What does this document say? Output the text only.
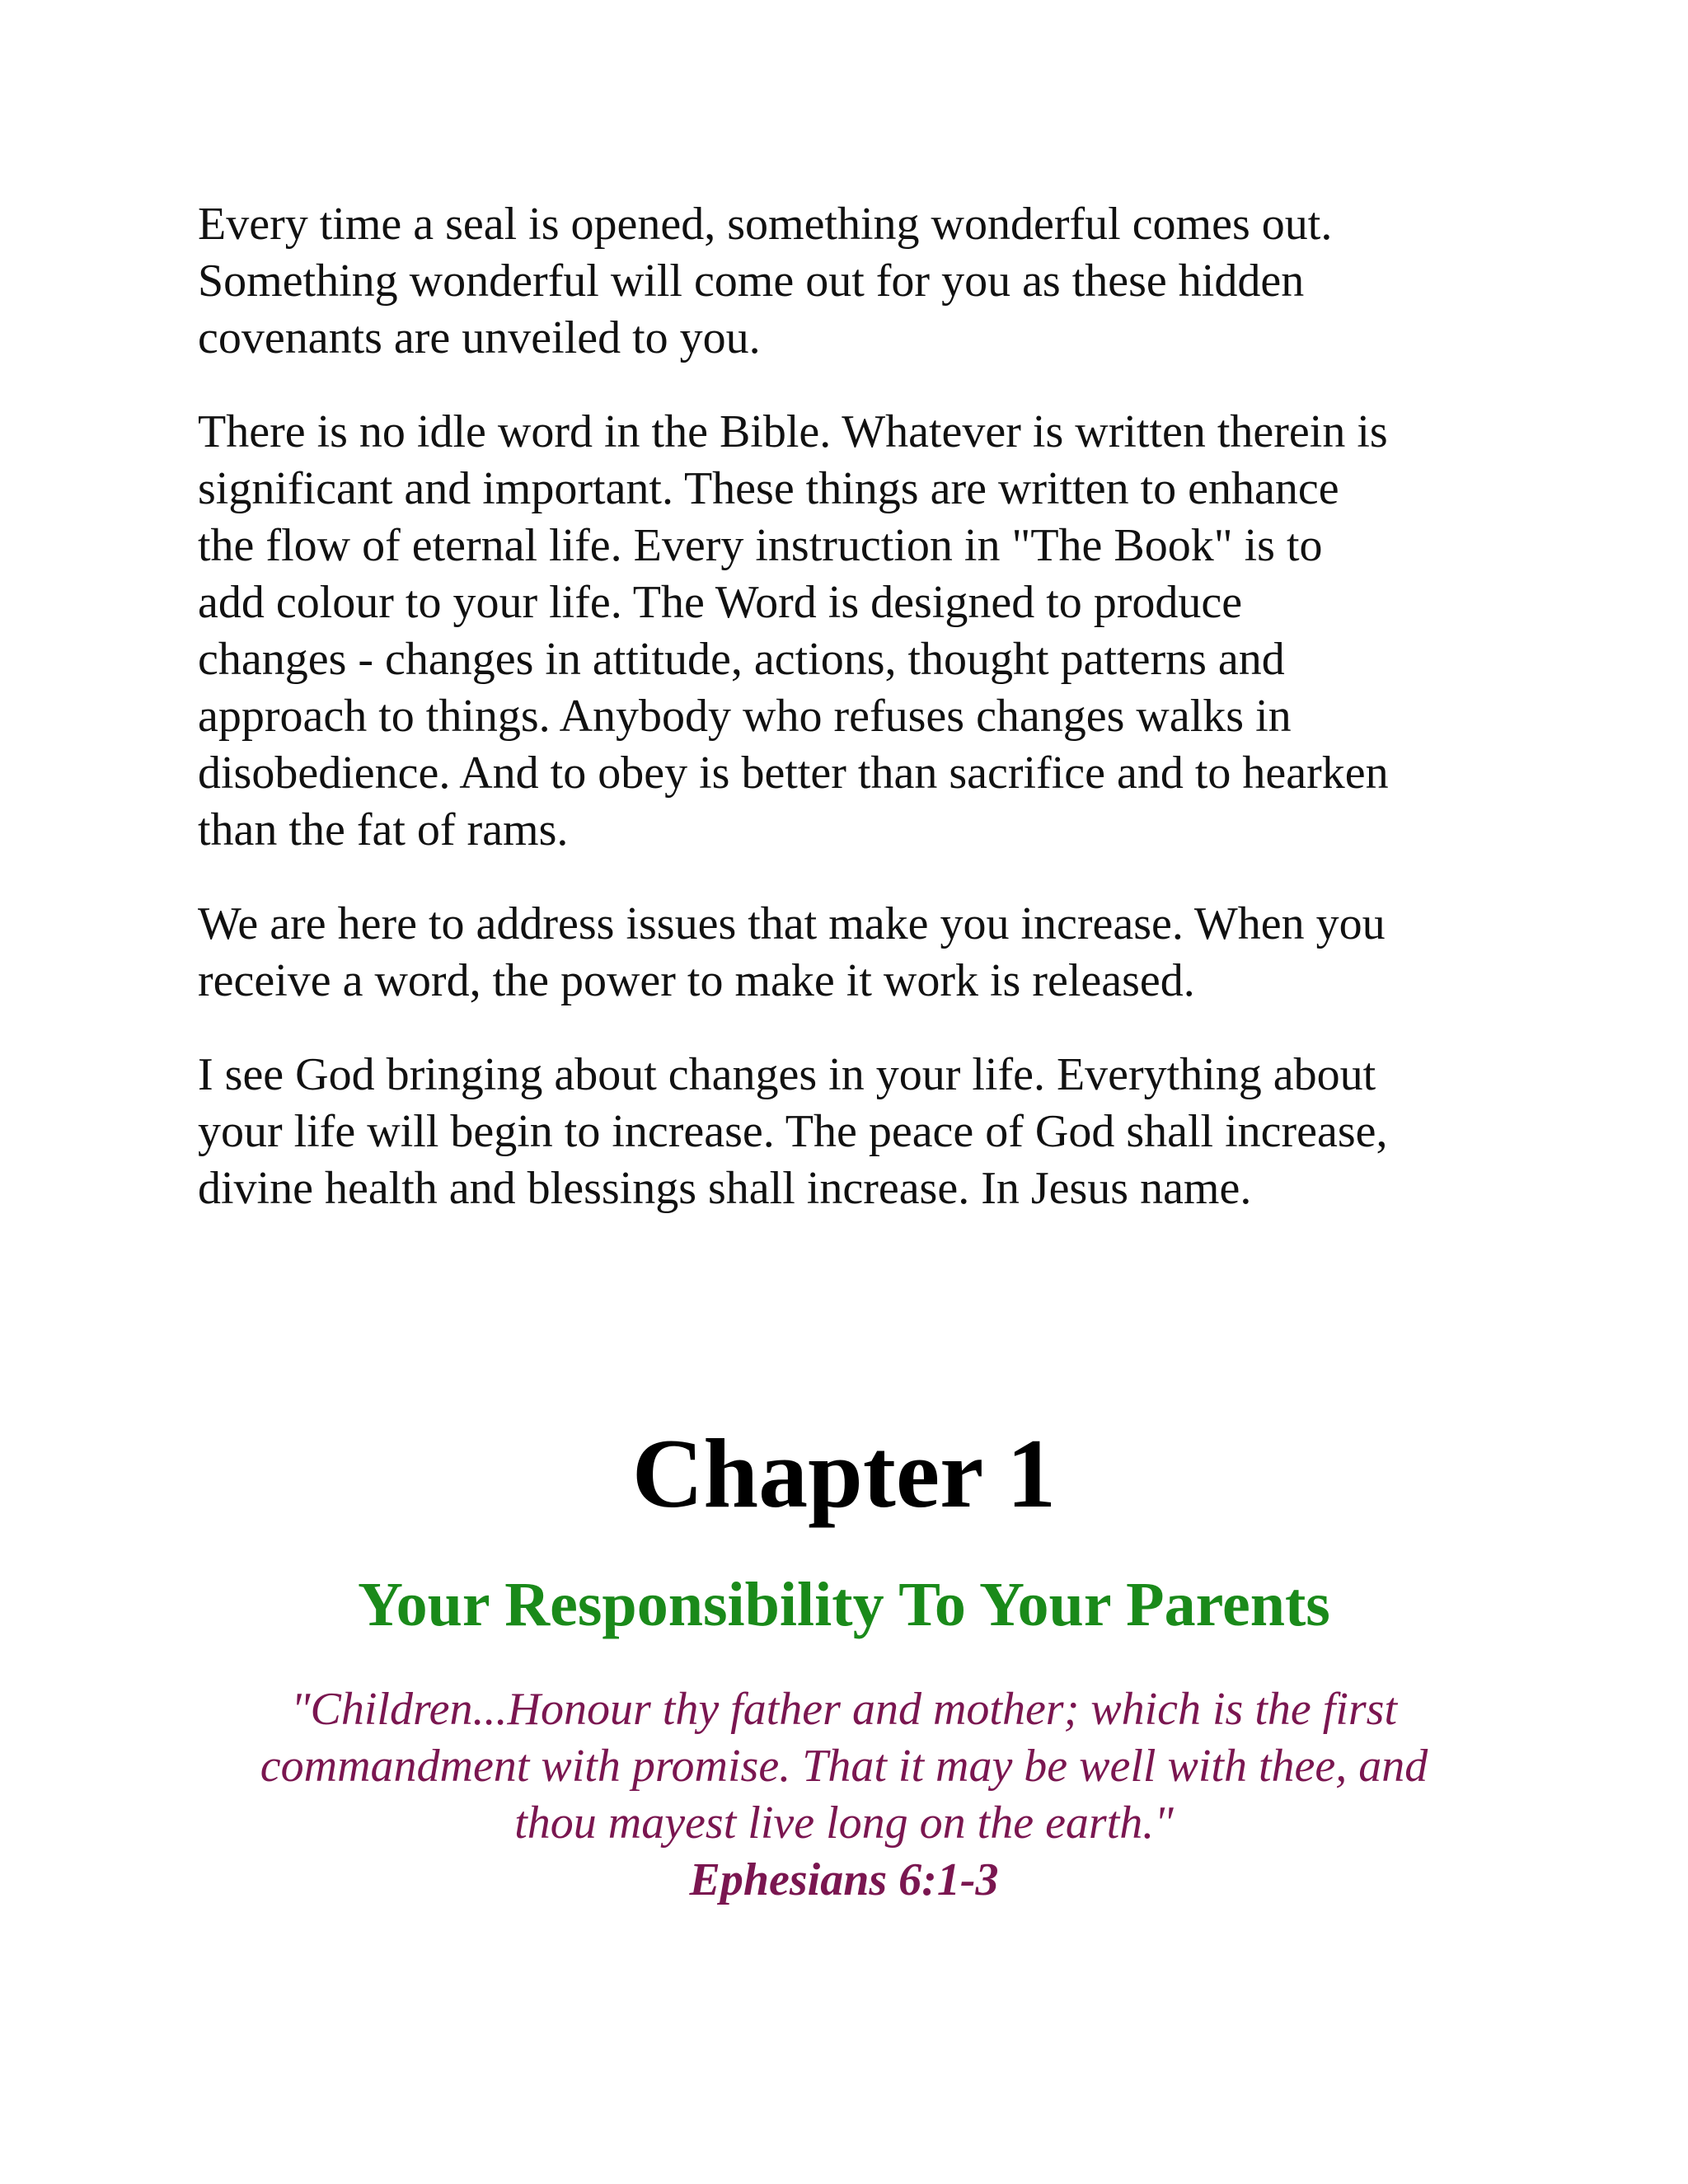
Every time a seal is opened, something wonderful comes out.
Something wonderful will come out for you as these hidden
covenants are unveiled to you.

There is no idle word in the Bible. Whatever is written therein is
significant and important. These things are written to enhance
the flow of eternal life. Every instruction in "The Book" is to
add colour to your life. The Word is designed to produce
changes - changes in attitude, actions, thought patterns and
approach to things. Anybody who refuses changes walks in
disobedience. And to obey is better than sacrifice and to hearken
than the fat of rams.

We are here to address issues that make you increase. When you
receive a word, the power to make it work is released.

I see God bringing about changes in your life. Everything about
your life will begin to increase. The peace of God shall increase,
divine health and blessings shall increase. In Jesus name.

Chapter 1
Your Responsibility To Your Parents
"Children...Honour thy father and mother; which is the first
commandment with promise. That it may be well with thee, and
thou mayest live long on the earth."
Ephesians 6:1-3
